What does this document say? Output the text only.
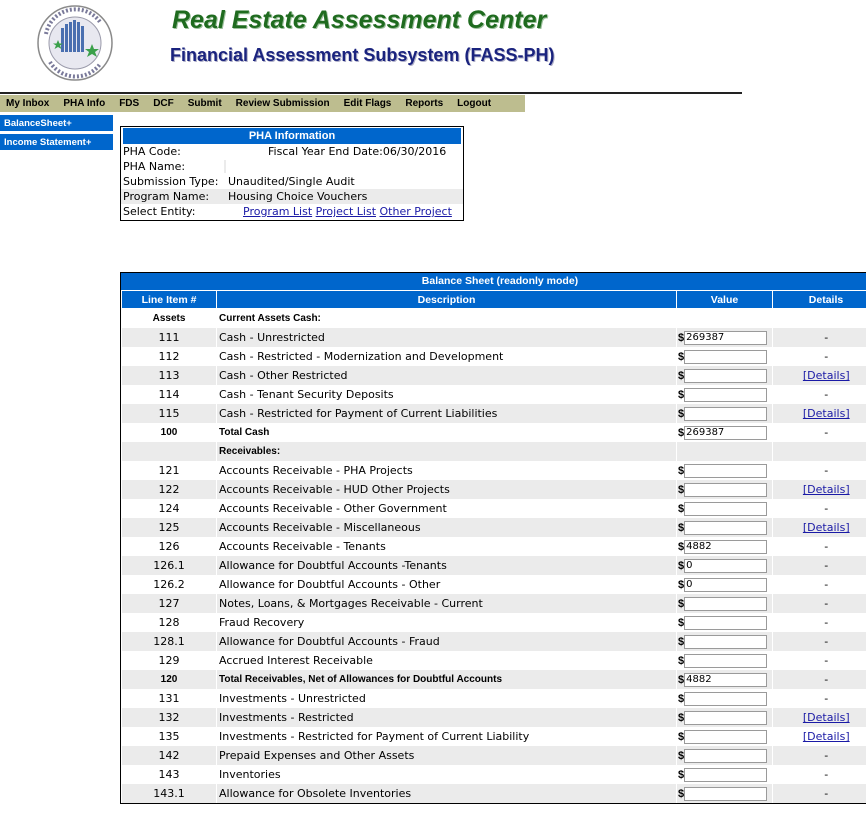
Real Estate Assessment Center
Financial Assessment Subsystem (FASS-PH)
My Inbox	PHA Info	FDS	DCF	Submit	Review Submission	Edit Flags	Reports	Logout
BalanceSheet+
Income Statement+
PHA Information
PHA Code:	Fiscal Year End Date:06/30/2016
PHA Name:
Submission Type: Unaudited/Single Audit
Program Name: Housing Choice Vouchers
Select Entity:	Program List Project List Other Project
Balance Sheet (readonly mode)
Line Item #	Description	Value	Details
Assets	Current Assets Cash:		
111	Cash - Unrestricted	$269387	-
112	Cash - Restricted - Modernization and Development	$	-
113	Cash - Other Restricted	$	[Details]
114	Cash - Tenant Security Deposits	$	-
115	Cash - Restricted for Payment of Current Liabilities	$	[Details]
100	Total Cash	$269387	-
	Receivables:		
121	Accounts Receivable - PHA Projects	$	-
122	Accounts Receivable - HUD Other Projects	$	[Details]
124	Accounts Receivable - Other Government	$	-
125	Accounts Receivable - Miscellaneous	$	[Details]
126	Accounts Receivable - Tenants	$4882	-
126.1	Allowance for Doubtful Accounts -Tenants	$0	-
126.2	Allowance for Doubtful Accounts - Other	$0	-
127	Notes, Loans, & Mortgages Receivable - Current	$	-
128	Fraud Recovery	$	-
128.1	Allowance for Doubtful Accounts - Fraud	$	-
129	Accrued Interest Receivable	$	-
120	Total Receivables, Net of Allowances for Doubtful Accounts	$4882	-
131	Investments - Unrestricted	$	-
132	Investments - Restricted	$	[Details]
135	Investments - Restricted for Payment of Current Liability	$	[Details]
142	Prepaid Expenses and Other Assets	$	-
143	Inventories	$	-
143.1	Allowance for Obsolete Inventories	$	-
